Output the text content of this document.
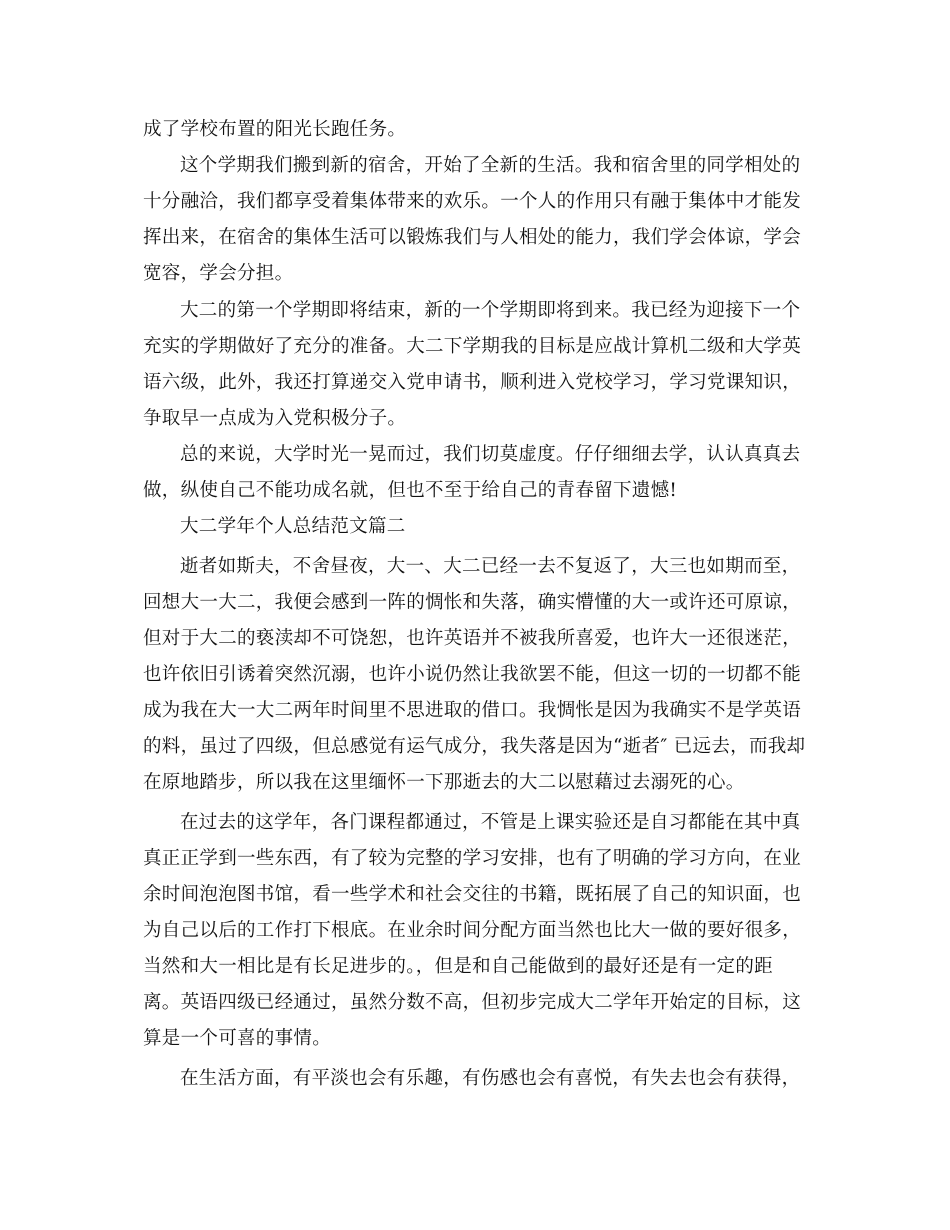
成了学校布置的阳光长跑任务。
这个学期我们搬到新的宿舍，开始了全新的生活。我和宿舍里的同学相处的
十分融洽，我们都享受着集体带来的欢乐。一个人的作用只有融于集体中才能发
挥出来，在宿舍的集体生活可以锻炼我们与人相处的能力，我们学会体谅，学会
宽容，学会分担。
大二的第一个学期即将结束，新的一个学期即将到来。我已经为迎接下一个
充实的学期做好了充分的准备。大二下学期我的目标是应战计算机二级和大学英
语六级，此外，我还打算递交入党申请书，顺利进入党校学习，学习党课知识，
争取早一点成为入党积极分子。
总的来说，大学时光一晃而过，我们切莫虚度。仔仔细细去学，认认真真去
做，纵使自己不能功成名就，但也不至于给自己的青春留下遗憾!
大二学年个人总结范文篇二
逝者如斯夫，不舍昼夜，大一、大二已经一去不复返了，大三也如期而至，
回想大一大二，我便会感到一阵的惆怅和失落，确实懵懂的大一或许还可原谅，
但对于大二的亵渎却不可饶恕，也许英语并不被我所喜爱，也许大一还很迷茫，
也许依旧引诱着突然沉溺，也许小说仍然让我欲罢不能，但这一切的一切都不能
成为我在大一大二两年时间里不思进取的借口。我惆怅是因为我确实不是学英语
的料，虽过了四级，但总感觉有运气成分，我失落是因为“逝者″ 已远去，而我却
在原地踏步，所以我在这里缅怀一下那逝去的大二以慰藉过去溺死的心。
在过去的这学年，各门课程都通过，不管是上课实验还是自习都能在其中真
真正正学到一些东西，有了较为完整的学习安排，也有了明确的学习方向，在业
余时间泡泡图书馆，看一些学术和社会交往的书籍，既拓展了自己的知识面，也
为自己以后的工作打下根底。在业余时间分配方面当然也比大一做的要好很多，
当然和大一相比是有长足进步的。，但是和自己能做到的最好还是有一定的距
离。英语四级已经通过，虽然分数不高，但初步完成大二学年开始定的目标，这
算是一个可喜的事情。
在生活方面，有平淡也会有乐趣，有伤感也会有喜悦，有失去也会有获得，
